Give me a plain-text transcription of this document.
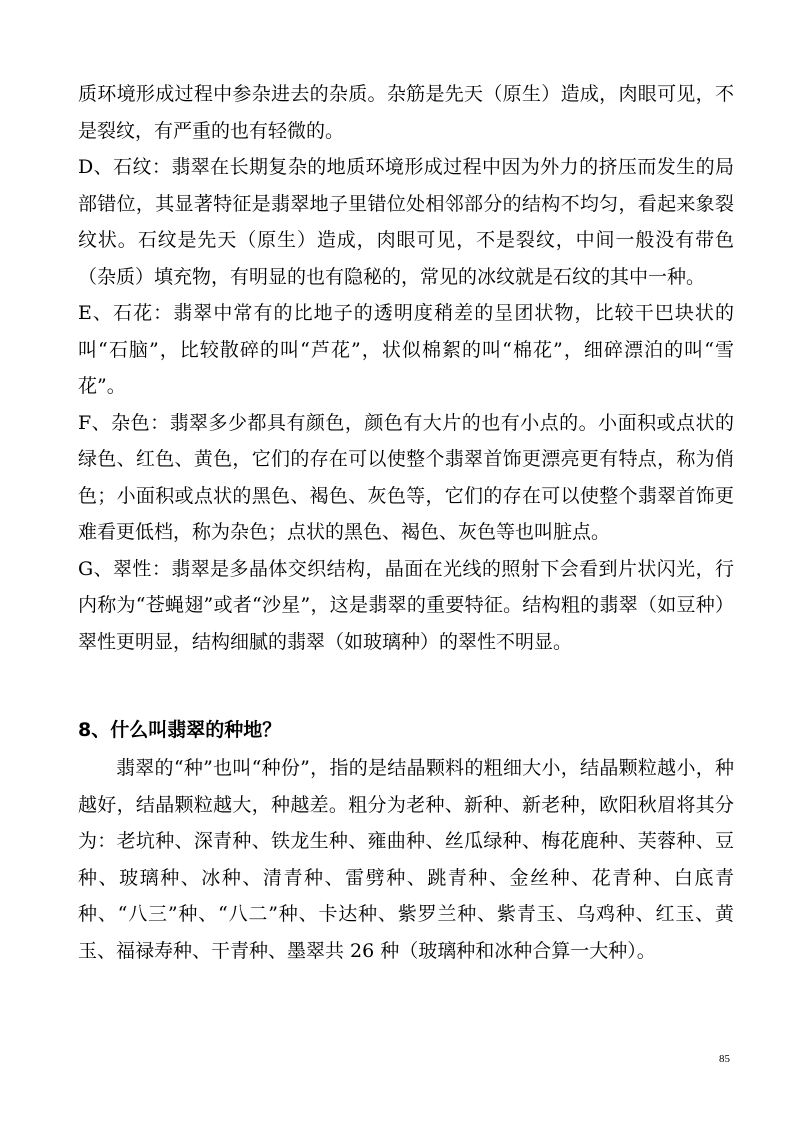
质环境形成过程中参杂进去的杂质。杂筋是先天（原生）造成，肉眼可见，不是裂纹，有严重的也有轻微的。

D、石纹：翡翠在长期复杂的地质环境形成过程中因为外力的挤压而发生的局部错位，其显著特征是翡翠地子里错位处相邻部分的结构不均匀，看起来象裂纹状。石纹是先天（原生）造成，肉眼可见，不是裂纹，中间一般没有带色（杂质）填充物，有明显的也有隐秘的，常见的冰纹就是石纹的其中一种。

E、石花：翡翠中常有的比地子的透明度稍差的呈团状物，比较干巴块状的叫“石脑”，比较散碎的叫“芦花”，状似棉絮的叫“棉花”，细碎漂泊的叫“雪花”。

F、杂色：翡翠多少都具有颜色，颜色有大片的也有小点的。小面积或点状的绿色、红色、黄色，它们的存在可以使整个翡翠首饰更漂亮更有特点，称为俏色；小面积或点状的黑色、褐色、灰色等，它们的存在可以使整个翡翠首饰更难看更低档，称为杂色；点状的黑色、褐色、灰色等也叫脏点。

G、翠性：翡翠是多晶体交织结构，晶面在光线的照射下会看到片状闪光，行内称为“苍蝇翅”或者“沙星”，这是翡翠的重要特征。结构粗的翡翠（如豆种）翠性更明显，结构细腻的翡翠（如玻璃种）的翠性不明显。

8、什么叫翡翠的种地？

翡翠的“种”也叫“种份”，指的是结晶颗料的粗细大小，结晶颗粒越小，种越好，结晶颗粒越大，种越差。粗分为老种、新种、新老种，欧阳秋眉将其分为：老坑种、深青种、铁龙生种、雍曲种、丝瓜绿种、梅花鹿种、芙蓉种、豆种、玻璃种、冰种、清青种、雷劈种、跳青种、金丝种、花青种、白底青种、“八三”种、“八二”种、卡达种、紫罗兰种、紫青玉、乌鸡种、红玉、黄玉、福禄寿种、干青种、墨翠共 26 种（玻璃种和冰种合算一大种）。

85
